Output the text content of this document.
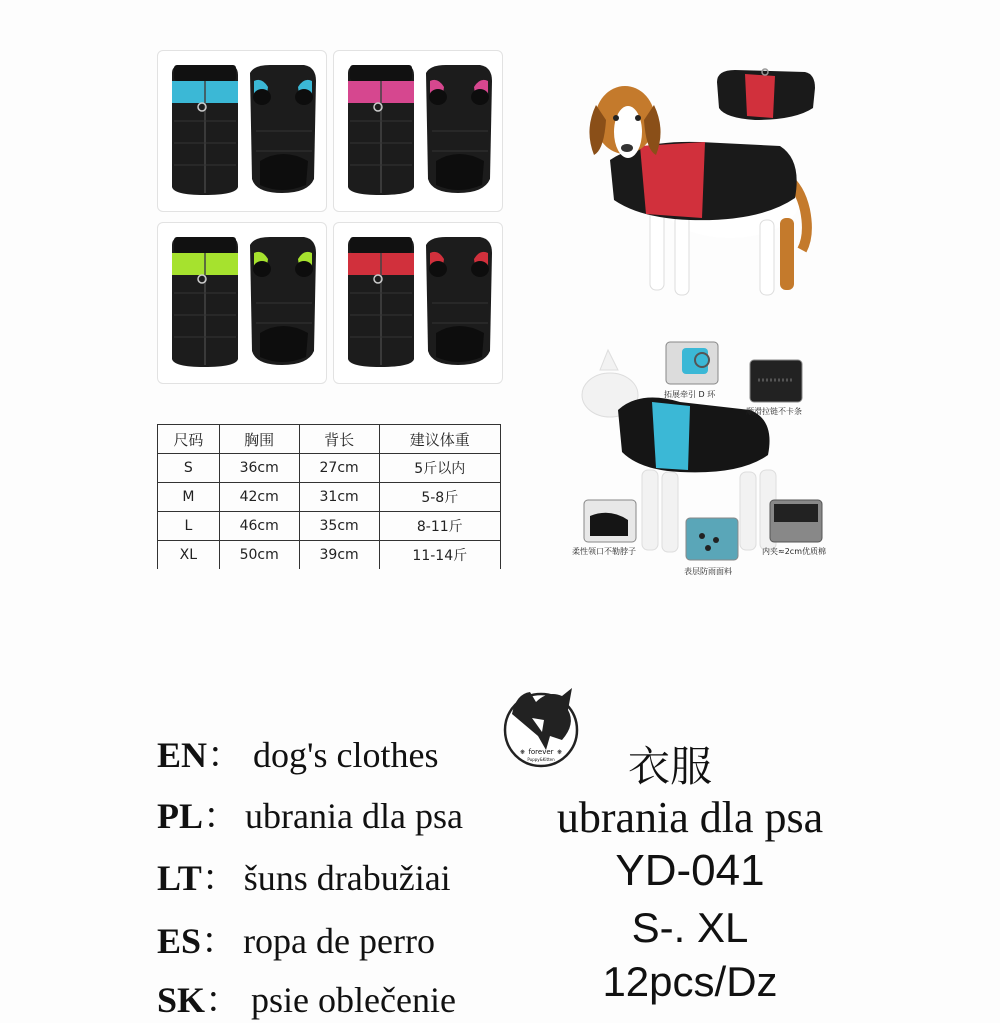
尺码	胸围	背长	建议体重
S	36cm	27cm	5斤以内
M	42cm	31cm	5-8斤
L	46cm	35cm	8-11斤
XL	50cm	39cm	11-14斤
拓展牵引 D 环
顺滑拉链不卡条
柔性领口不勒脖子
表层防雨面料
内夹≈2cm优质棉
forever
Puppy&Kitten
❋	❋
EN： dog's clothes
PL： ubrania dla psa
LT： šuns drabužiai
ES： ropa de perro
SK： psie oblečenie
衣服
ubrania dla psa
YD-041
S-. XL
12pcs/Dz
